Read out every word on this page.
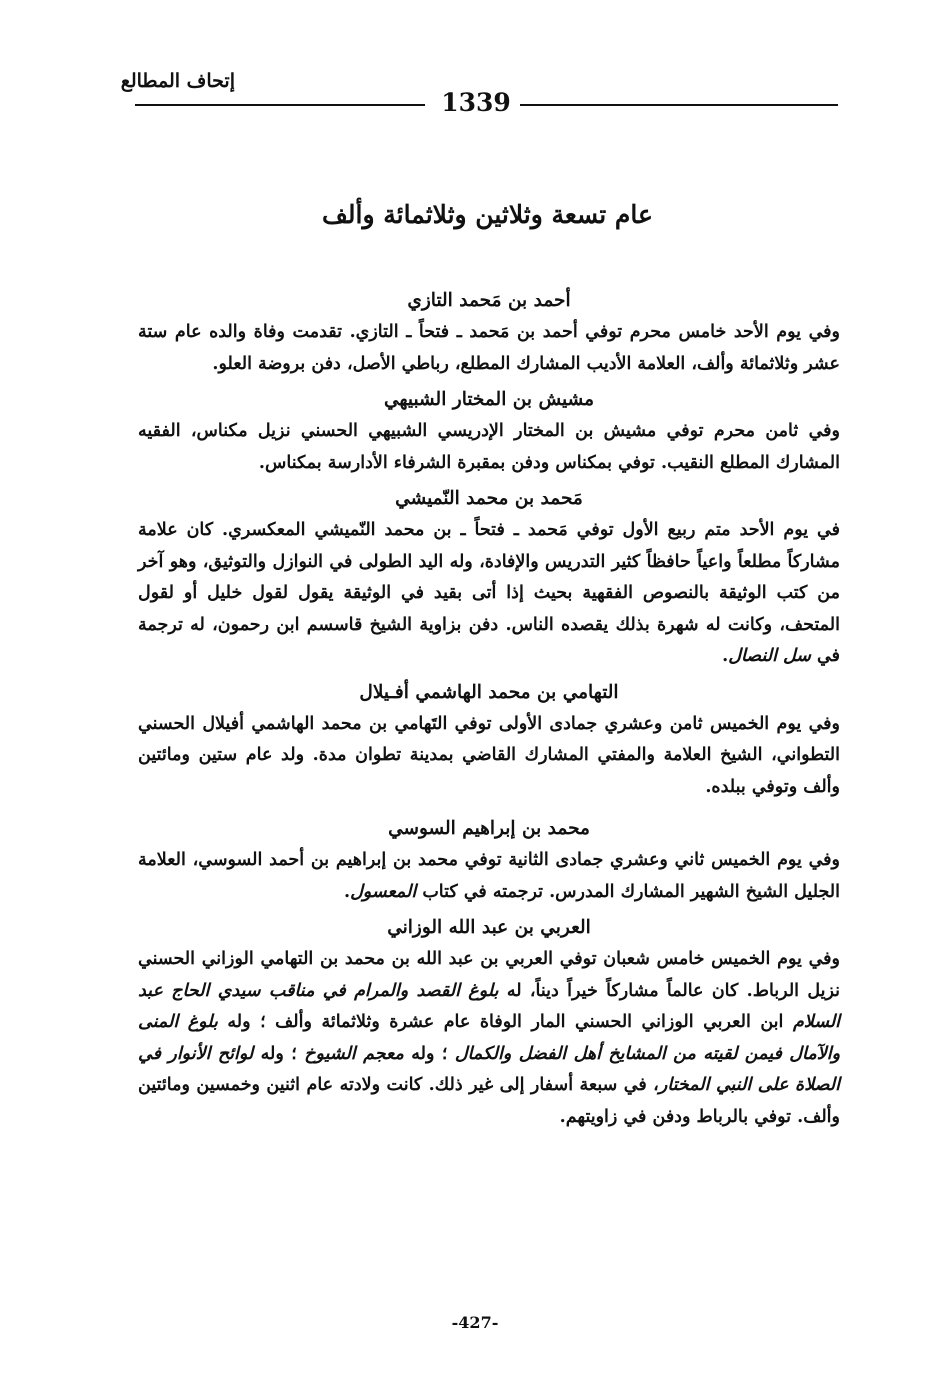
إتحاف المطالع
1339
عام تسعة وثلاثين وثلاثمائة وألف

أحمد بن مَحمد التازي

وفي يوم الأحد خامس محرم توفي أحمد بن مَحمد ـ فتحاً ـ التازي. تقدمت وفاة والده عام ستة عشر وثلاثمائة وألف، العلامة الأديب المشارك المطلع، رباطي الأصل، دفن بروضة العلو.

مشيش بن المختار الشبيهي

وفي ثامن محرم توفي مشيش بن المختار الإدريسي الشبيهي الحسني نزيل مكناس، الفقيه المشارك المطلع النقيب. توفي بمكناس ودفن بمقبرة الشرفاء الأدارسة بمكناس.

مَحمد بن محمد النّميشي

في يوم الأحد متم ربيع الأول توفي مَحمد ـ فتحاً ـ بن محمد النّميشي المعكسري. كان علامة مشاركاً مطلعاً واعياً حافظاً كثير التدريس والإفادة، وله اليد الطولى في النوازل والتوثيق، وهو آخر من كتب الوثيقة بالنصوص الفقهية بحيث إذا أتى بقيد في الوثيقة يقول لقول خليل أو لقول المتحف، وكانت له شهرة بذلك يقصده الناس. دفن بزاوية الشيخ قاسسم ابن رحمون، له ترجمة في سل النصال.

التهامي بن محمد الهاشمي أفـيلال

وفي يوم الخميس ثامن وعشري جمادى الأولى توفي التَهامي بن محمد الهاشمي أفيلال الحسني التطواني، الشيخ العلامة والمفتي المشارك القاضي بمدينة تطوان مدة. ولد عام ستين ومائتين وألف وتوفي ببلده.

محمد بن إبراهيم السوسي

وفي يوم الخميس ثاني وعشري جمادى الثانية توفي محمد بن إبراهيم بن أحمد السوسي، العلامة الجليل الشيخ الشهير المشارك المدرس. ترجمته في كتاب المعسول.

العربي بن عبد الله الوزاني

وفي يوم الخميس خامس شعبان توفي العربي بن عبد الله بن محمد بن التهامي الوزاني الحسني نزيل الرباط. كان عالماً مشاركاً خيراً ديناً، له بلوغ القصد والمرام في مناقب سيدي الحاج عبد السلام ابن العربي الوزاني الحسني المار الوفاة عام عشرة وثلاثمائة وألف ؛ وله بلوغ المنى والآمال فيمن لقيته من المشايخ أهل الفضل والكمال ؛ وله معجم الشيوخ ؛ وله لوائح الأنوار في الصلاة على النبي المختار، في سبعة أسفار إلى غير ذلك. كانت ولادته عام اثنين وخمسين ومائتين وألف. توفي بالرباط ودفن في زاويتهم.

-427-
